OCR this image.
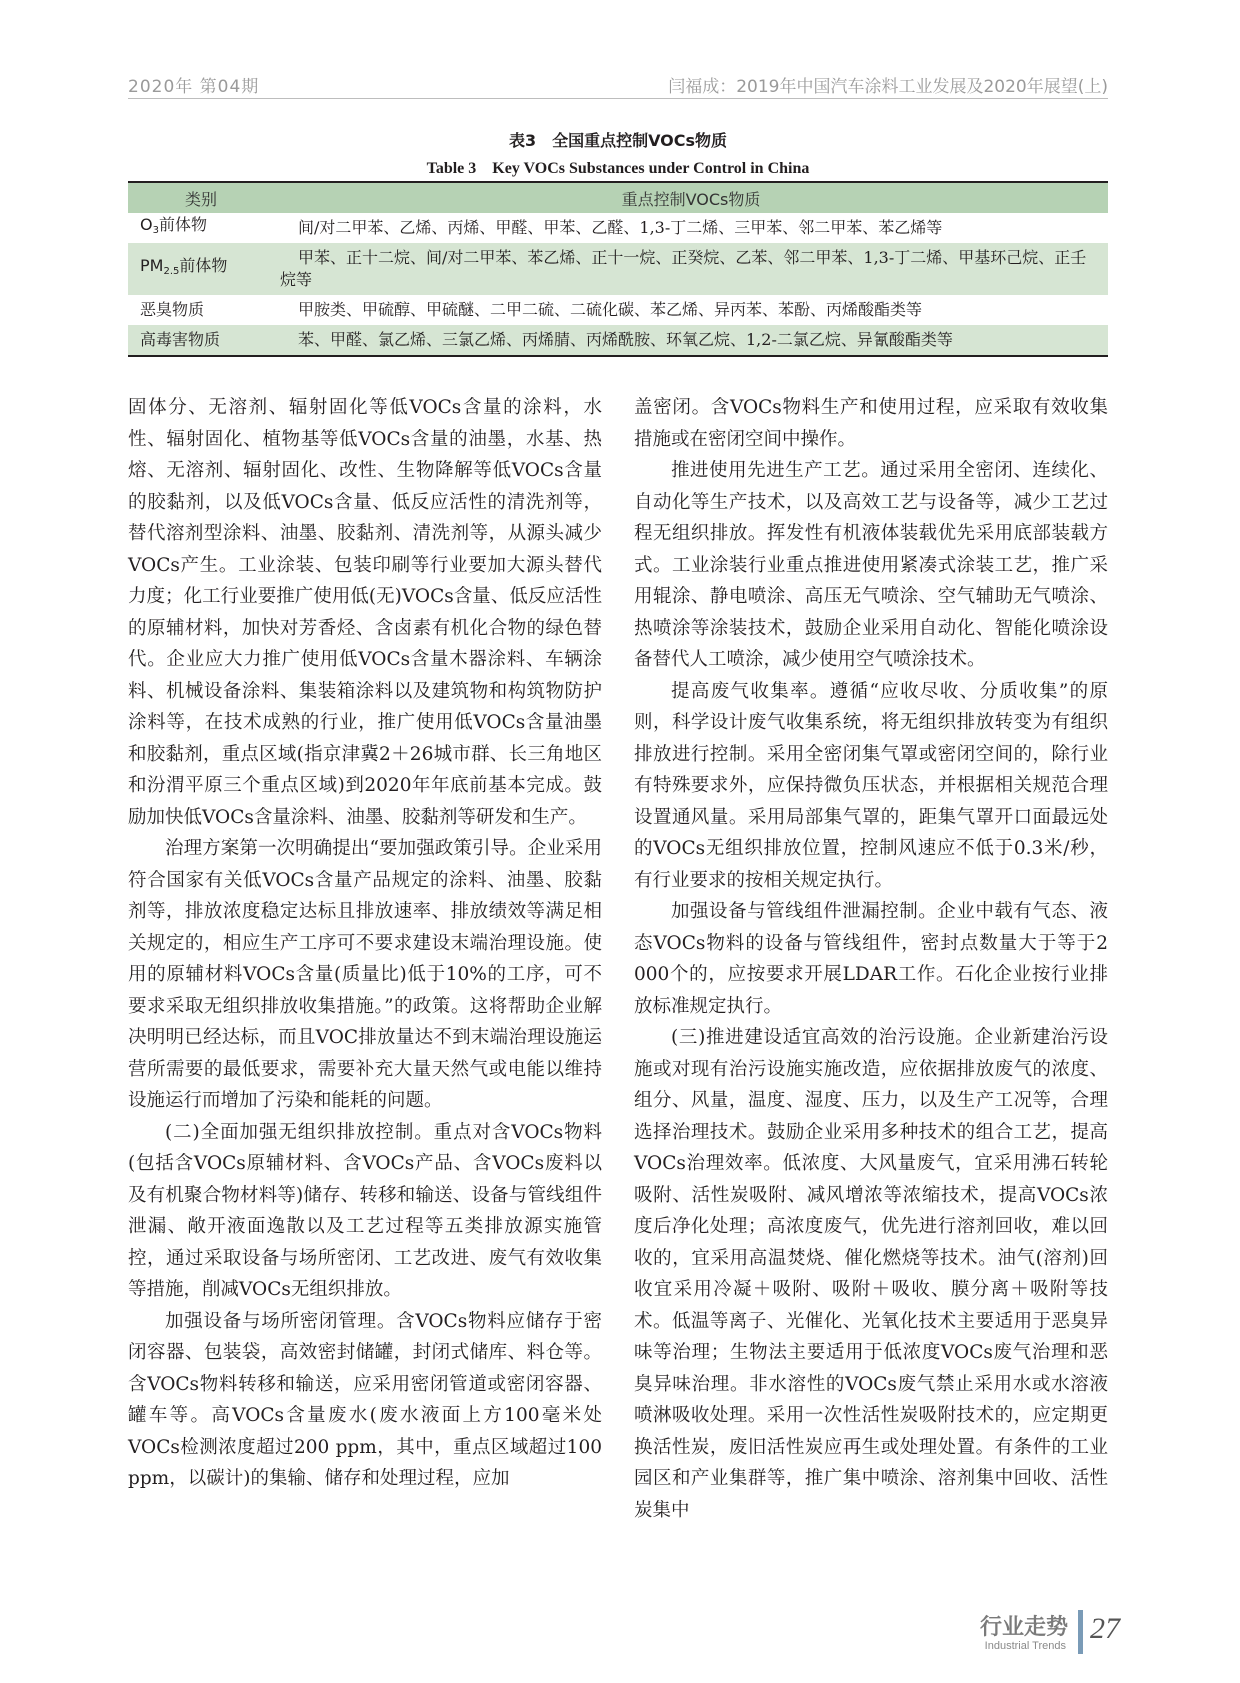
2020年 第04期	闫福成：2019年中国汽车涂料工业发展及2020年展望(上)
表3　全国重点控制VOCs物质
Table 3　Key VOCs Substances under Control in China
类别	重点控制VOCs物质
O3前体物	间/对二甲苯、乙烯、丙烯、甲醛、甲苯、乙醛、1,3-丁二烯、三甲苯、邻二甲苯、苯乙烯等
PM2.5前体物	甲苯、正十二烷、间/对二甲苯、苯乙烯、正十一烷、正癸烷、乙苯、邻二甲苯、1,3-丁二烯、甲基环己烷、正壬烷等
恶臭物质	甲胺类、甲硫醇、甲硫醚、二甲二硫、二硫化碳、苯乙烯、异丙苯、苯酚、丙烯酸酯类等
高毒害物质	苯、甲醛、氯乙烯、三氯乙烯、丙烯腈、丙烯酰胺、环氧乙烷、1,2-二氯乙烷、异氰酸酯类等

固体分、无溶剂、辐射固化等低VOCs含量的涂料，水性、辐射固化、植物基等低VOCs含量的油墨，水基、热熔、无溶剂、辐射固化、改性、生物降解等低VOCs含量的胶黏剂，以及低VOCs含量、低反应活性的清洗剂等，替代溶剂型涂料、油墨、胶黏剂、清洗剂等，从源头减少VOCs产生。工业涂装、包装印刷等行业要加大源头替代力度；化工行业要推广使用低(无)VOCs含量、低反应活性的原辅材料，加快对芳香烃、含卤素有机化合物的绿色替代。企业应大力推广使用低VOCs含量木器涂料、车辆涂料、机械设备涂料、集装箱涂料以及建筑物和构筑物防护涂料等，在技术成熟的行业，推广使用低VOCs含量油墨和胶黏剂，重点区域(指京津冀2＋26城市群、长三角地区和汾渭平原三个重点区域)到2020年年底前基本完成。鼓励加快低VOCs含量涂料、油墨、胶黏剂等研发和生产。

治理方案第一次明确提出“要加强政策引导。企业采用符合国家有关低VOCs含量产品规定的涂料、油墨、胶黏剂等，排放浓度稳定达标且排放速率、排放绩效等满足相关规定的，相应生产工序可不要求建设末端治理设施。使用的原辅材料VOCs含量(质量比)低于10%的工序，可不要求采取无组织排放收集措施。”的政策。这将帮助企业解决明明已经达标，而且VOC排放量达不到末端治理设施运营所需要的最低要求，需要补充大量天然气或电能以维持设施运行而增加了污染和能耗的问题。

(二)全面加强无组织排放控制。重点对含VOCs物料(包括含VOCs原辅材料、含VOCs产品、含VOCs废料以及有机聚合物材料等)储存、转移和输送、设备与管线组件泄漏、敞开液面逸散以及工艺过程等五类排放源实施管控，通过采取设备与场所密闭、工艺改进、废气有效收集等措施，削减VOCs无组织排放。

加强设备与场所密闭管理。含VOCs物料应储存于密闭容器、包装袋，高效密封储罐，封闭式储库、料仓等。含VOCs物料转移和输送，应采用密闭管道或密闭容器、罐车等。高VOCs含量废水(废水液面上方100毫米处VOCs检测浓度超过200 ppm，其中，重点区域超过100 ppm，以碳计)的集输、储存和处理过程，应加

盖密闭。含VOCs物料生产和使用过程，应采取有效收集措施或在密闭空间中操作。

推进使用先进生产工艺。通过采用全密闭、连续化、自动化等生产技术，以及高效工艺与设备等，减少工艺过程无组织排放。挥发性有机液体装载优先采用底部装载方式。工业涂装行业重点推进使用紧凑式涂装工艺，推广采用辊涂、静电喷涂、高压无气喷涂、空气辅助无气喷涂、热喷涂等涂装技术，鼓励企业采用自动化、智能化喷涂设备替代人工喷涂，减少使用空气喷涂技术。

提高废气收集率。遵循“应收尽收、分质收集”的原则，科学设计废气收集系统，将无组织排放转变为有组织排放进行控制。采用全密闭集气罩或密闭空间的，除行业有特殊要求外，应保持微负压状态，并根据相关规范合理设置通风量。采用局部集气罩的，距集气罩开口面最远处的VOCs无组织排放位置，控制风速应不低于0.3米/秒，有行业要求的按相关规定执行。

加强设备与管线组件泄漏控制。企业中载有气态、液态VOCs物料的设备与管线组件，密封点数量大于等于2 000个的，应按要求开展LDAR工作。石化企业按行业排放标准规定执行。

(三)推进建设适宜高效的治污设施。企业新建治污设施或对现有治污设施实施改造，应依据排放废气的浓度、组分、风量，温度、湿度、压力，以及生产工况等，合理选择治理技术。鼓励企业采用多种技术的组合工艺，提高VOCs治理效率。低浓度、大风量废气，宜采用沸石转轮吸附、活性炭吸附、减风增浓等浓缩技术，提高VOCs浓度后净化处理；高浓度废气，优先进行溶剂回收，难以回收的，宜采用高温焚烧、催化燃烧等技术。油气(溶剂)回收宜采用冷凝＋吸附、吸附＋吸收、膜分离＋吸附等技术。低温等离子、光催化、光氧化技术主要适用于恶臭异味等治理；生物法主要适用于低浓度VOCs废气治理和恶臭异味治理。非水溶性的VOCs废气禁止采用水或水溶液喷淋吸收处理。采用一次性活性炭吸附技术的，应定期更换活性炭，废旧活性炭应再生或处理处置。有条件的工业园区和产业集群等，推广集中喷涂、溶剂集中回收、活性炭集中

行业走势
Industrial Trends
27
